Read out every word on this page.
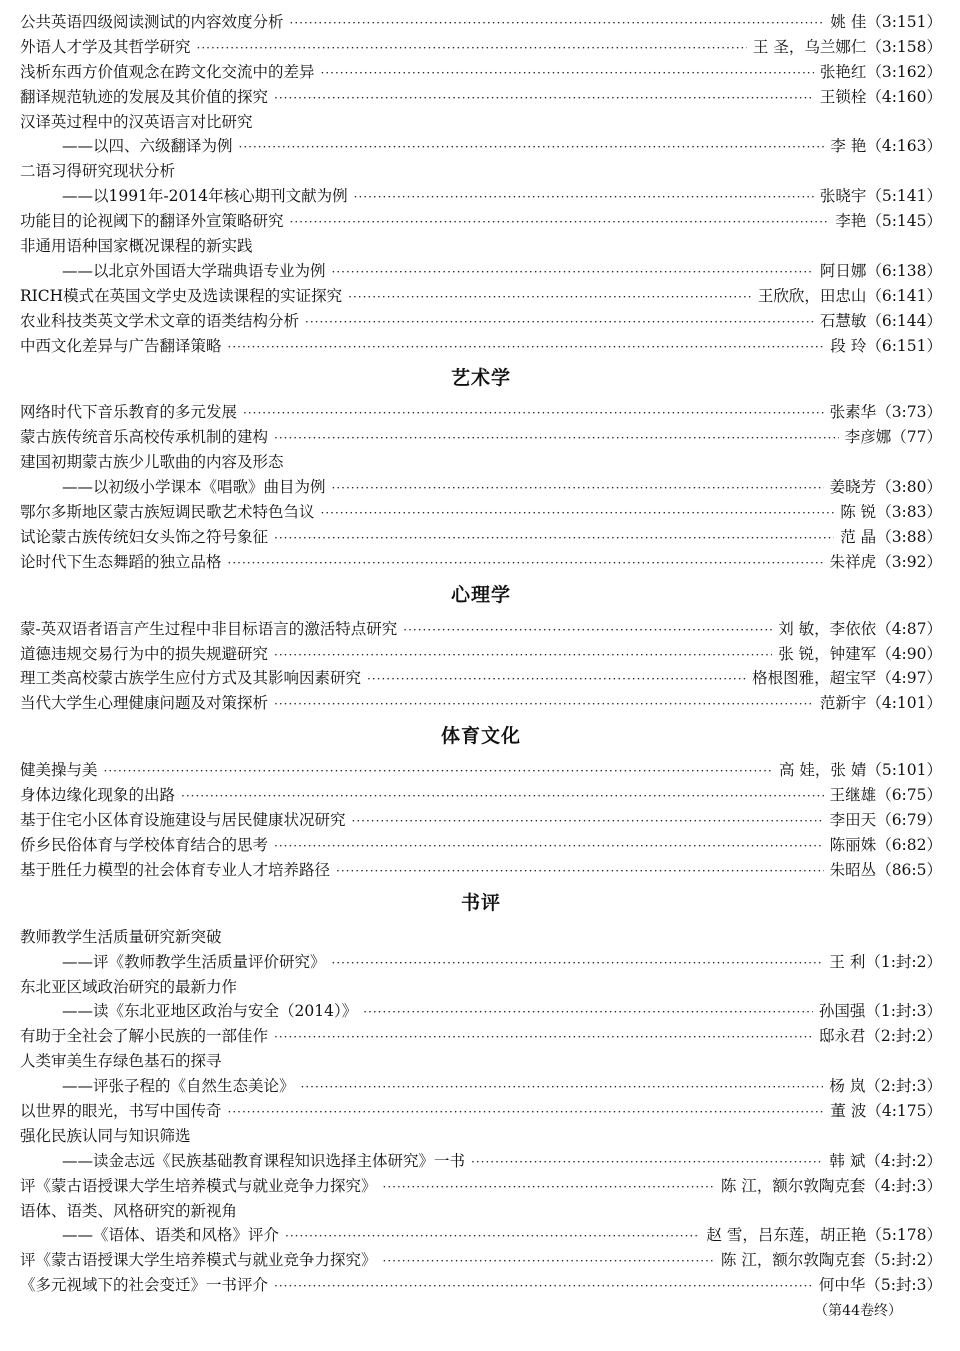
公共英语四级阅读测试的内容效度分析 ·····	姚 佳 （3:151）
外语人才学及其哲学研究 ·····	王 圣，乌兰娜仁 （3:158）
浅析东西方价值观念在跨文化交流中的差异 ·····	张艳红 （3:162）
翻译规范轨迹的发展及其价值的探究 ·····	王锁栓 （4:160）
汉译英过程中的汉英语言对比研究
——以四、六级翻译为例 ·····	李 艳 （4:163）
二语习得研究现状分析
——以1991年-2014年核心期刊文献为例 ·····	张晓宇 （5:141）
功能目的论视阈下的翻译外宣策略研究 ·····	李艳 （5:145）
非通用语种国家概况课程的新实践
——以北京外国语大学瑞典语专业为例 ·····	阿日娜 （6:138）
RICH模式在英国文学史及选读课程的实证探究 ·····	王欣欣，田忠山 （6:141）
农业科技类英文学术文章的语类结构分析 ·····	石慧敏 （6:144）
中西文化差异与广告翻译策略 ·····	段 玲 （6:151）
艺术学
网络时代下音乐教育的多元发展 ·····	张素华 （3:73）
蒙古族传统音乐高校传承机制的建构 ·····	李彦娜 （77）
建国初期蒙古族少儿歌曲的内容及形态
——以初级小学课本《唱歌》曲目为例 ·····	姜晓芳 （3:80）
鄂尔多斯地区蒙古族短调民歌艺术特色刍议 ·····	陈 锐 （3:83）
试论蒙古族传统妇女头饰之符号象征 ·····	范 晶 （3:88）
论时代下生态舞蹈的独立品格 ·····	朱祥虎 （3:92）
心理学
蒙-英双语者语言产生过程中非目标语言的激活特点研究 ·····	刘 敏，李依依 （4:87）
道德违规交易行为中的损失规避研究 ·····	张 锐，钟建军 （4:90）
理工类高校蒙古族学生应付方式及其影响因素研究 ·····	格根图雅，超宝罕 （4:97）
当代大学生心理健康问题及对策探析 ·····	范新宇 （4:101）
体育文化
健美操与美 ·····	高 娃，张 婧 （5:101）
身体边缘化现象的出路 ·····	王继雄 （6:75）
基于住宅小区体育设施建设与居民健康状况研究 ·····	李田天 （6:79）
侨乡民俗体育与学校体育结合的思考 ·····	陈丽姝 （6:82）
基于胜任力模型的社会体育专业人才培养路径 ·····	朱昭丛 （86:5）
书评
教师教学生活质量研究新突破
——评《教师教学生活质量评价研究》 ·····	王 利 （1:封:2）
东北亚区域政治研究的最新力作
——读《东北亚地区政治与安全（2014）》 ·····	孙国强 （1:封:3）
有助于全社会了解小民族的一部佳作 ·····	邸永君 （2:封:2）
人类审美生存绿色基石的探寻
——评张子程的《自然生态美论》 ·····	杨 岚 （2:封:3）
以世界的眼光，书写中国传奇 ·····	董 波 （4:175）
强化民族认同与知识筛选
——读金志远《民族基础教育课程知识选择主体研究》一书 ·····	韩 斌 （4:封:2）
评《蒙古语授课大学生培养模式与就业竞争力探究》 ·····	陈 江，额尔敦陶克套 （4:封:3）
语体、语类、风格研究的新视角
——《语体、语类和风格》评介 ·····	赵 雪，吕东莲，胡正艳 （5:178）
评《蒙古语授课大学生培养模式与就业竞争力探究》 ·····	陈 江，额尔敦陶克套 （5:封:2）
《多元视域下的社会变迁》一书评介 ·····	何中华 （5:封:3）
（第44卷终）
